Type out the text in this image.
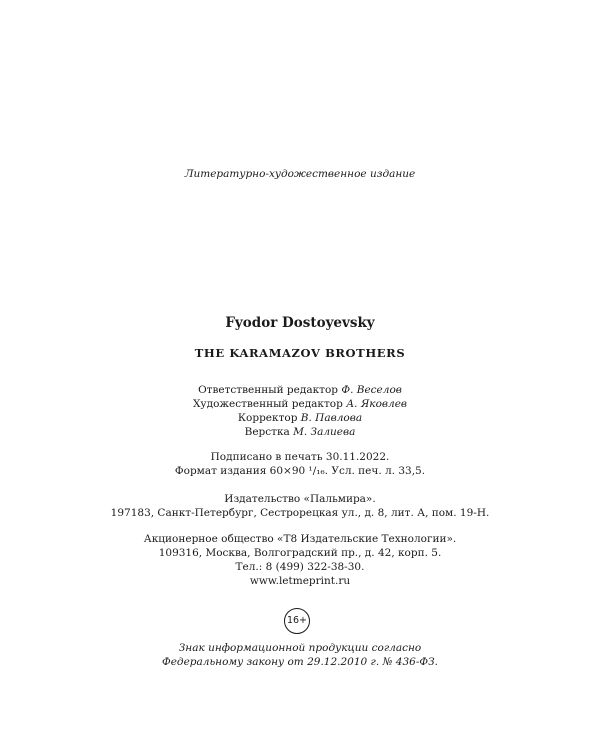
Литературно-художественное издание

Fyodor Dostoyevsky

THE KARAMAZOV BROTHERS

Ответственный редактор Ф. Веселов

Художественный редактор А. Яковлев

Корректор В. Павлова

Верстка М. Залиева

Подписано в печать 30.11.2022.

Формат издания 60×90 ¹/₁₆. Усл. печ. л. 33,5.

Издательство «Пальмира».

197183, Санкт-Петербург, Сестрорецкая ул., д. 8, лит. А, пом. 19-Н.

Акционерное общество «Т8 Издательские Технологии».

109316, Москва, Волгоградский пр., д. 42, корп. 5.

Тел.: 8 (499) 322-38-30.

www.letmeprint.ru

16+

Знак информационной продукции согласно

Федеральному закону от 29.12.2010 г. № 436-ФЗ.
